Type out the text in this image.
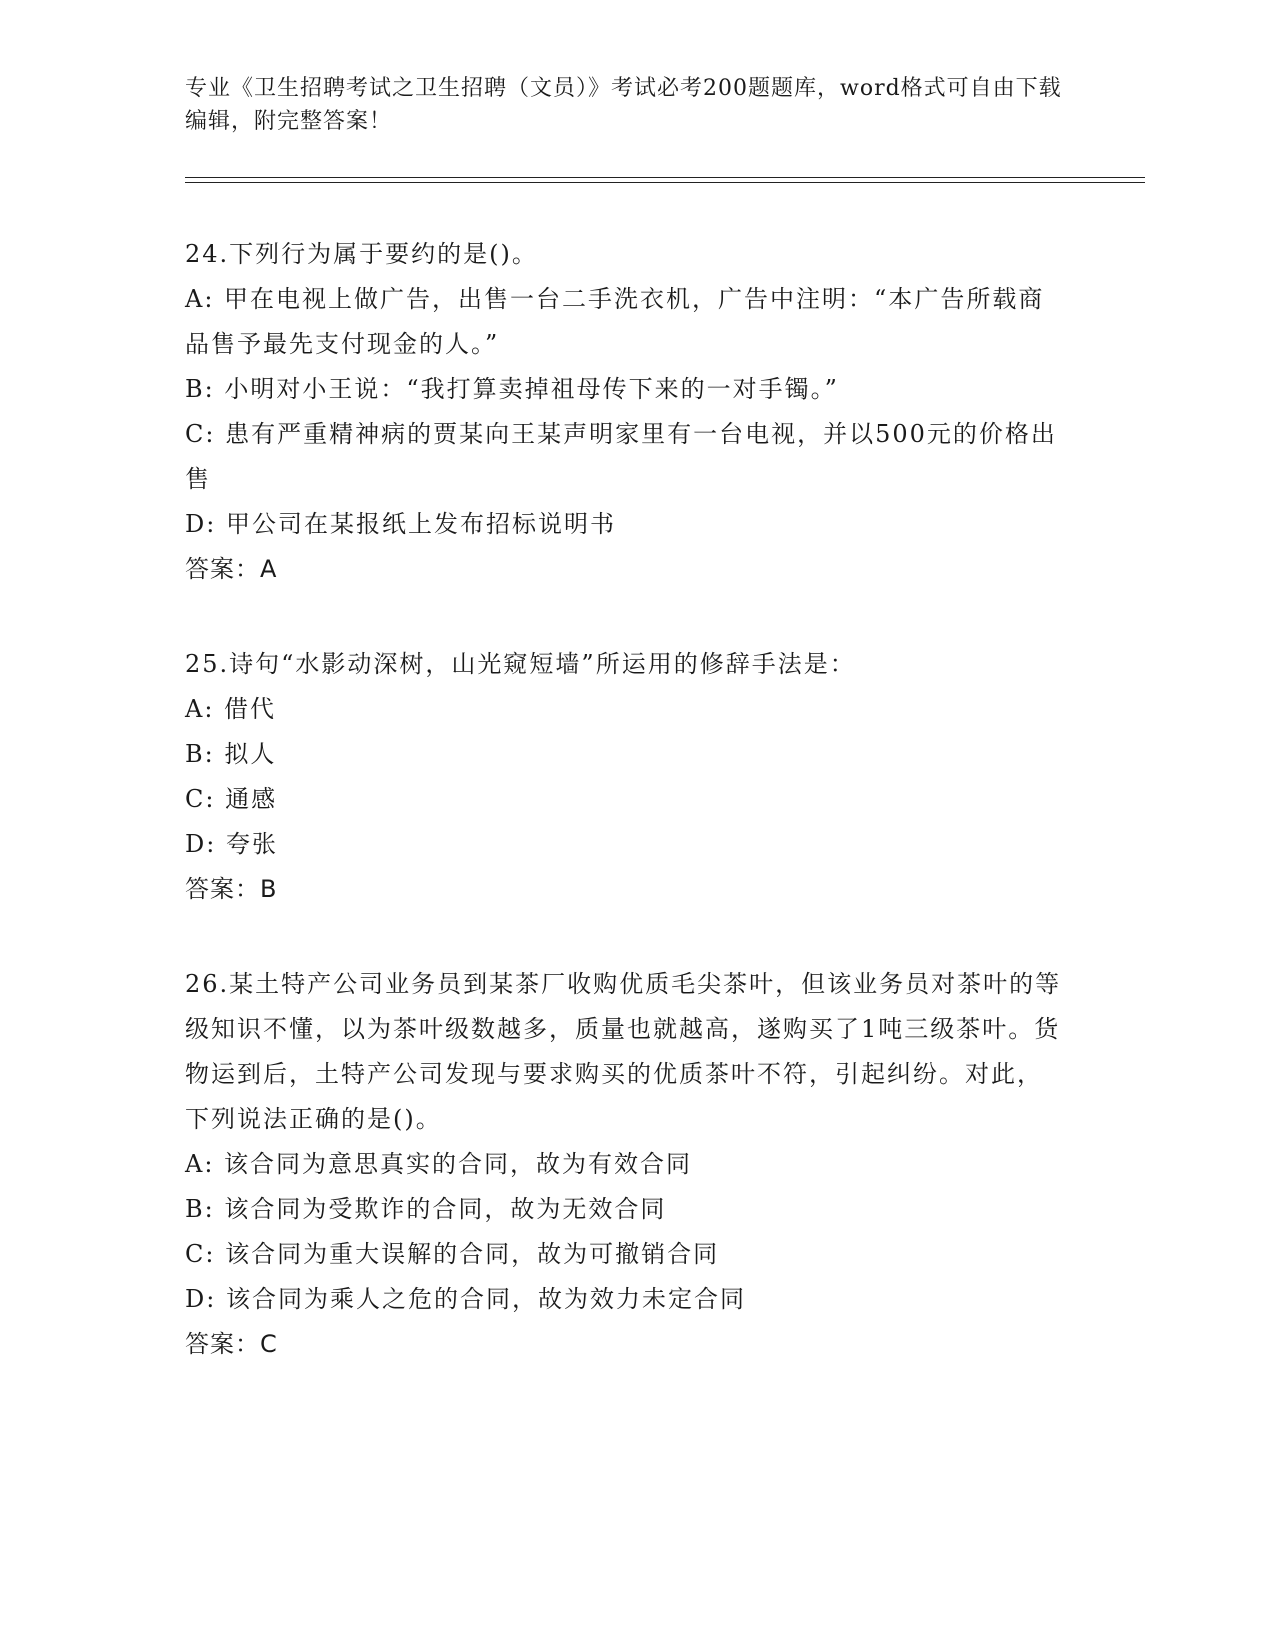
专业《卫生招聘考试之卫生招聘（文员）》考试必考200题题库，word格式可自由下载编辑，附完整答案！

24.下列行为属于要约的是()。

A: 甲在电视上做广告，出售一台二手洗衣机，广告中注明：“本广告所载商品售予最先支付现金的人。”

B: 小明对小王说：“我打算卖掉祖母传下来的一对手镯。”

C: 患有严重精神病的贾某向王某声明家里有一台电视，并以500元的价格出售

D: 甲公司在某报纸上发布招标说明书

答案：A

25.诗句“水影动深树，山光窥短墙”所运用的修辞手法是：

A: 借代

B: 拟人

C: 通感

D: 夸张

答案：B

26.某土特产公司业务员到某茶厂收购优质毛尖茶叶，但该业务员对茶叶的等级知识不懂，以为茶叶级数越多，质量也就越高，遂购买了1吨三级茶叶。货物运到后，土特产公司发现与要求购买的优质茶叶不符，引起纠纷。对此，下列说法正确的是()。

A: 该合同为意思真实的合同，故为有效合同

B: 该合同为受欺诈的合同，故为无效合同

C: 该合同为重大误解的合同，故为可撤销合同

D: 该合同为乘人之危的合同，故为效力未定合同

答案：C
